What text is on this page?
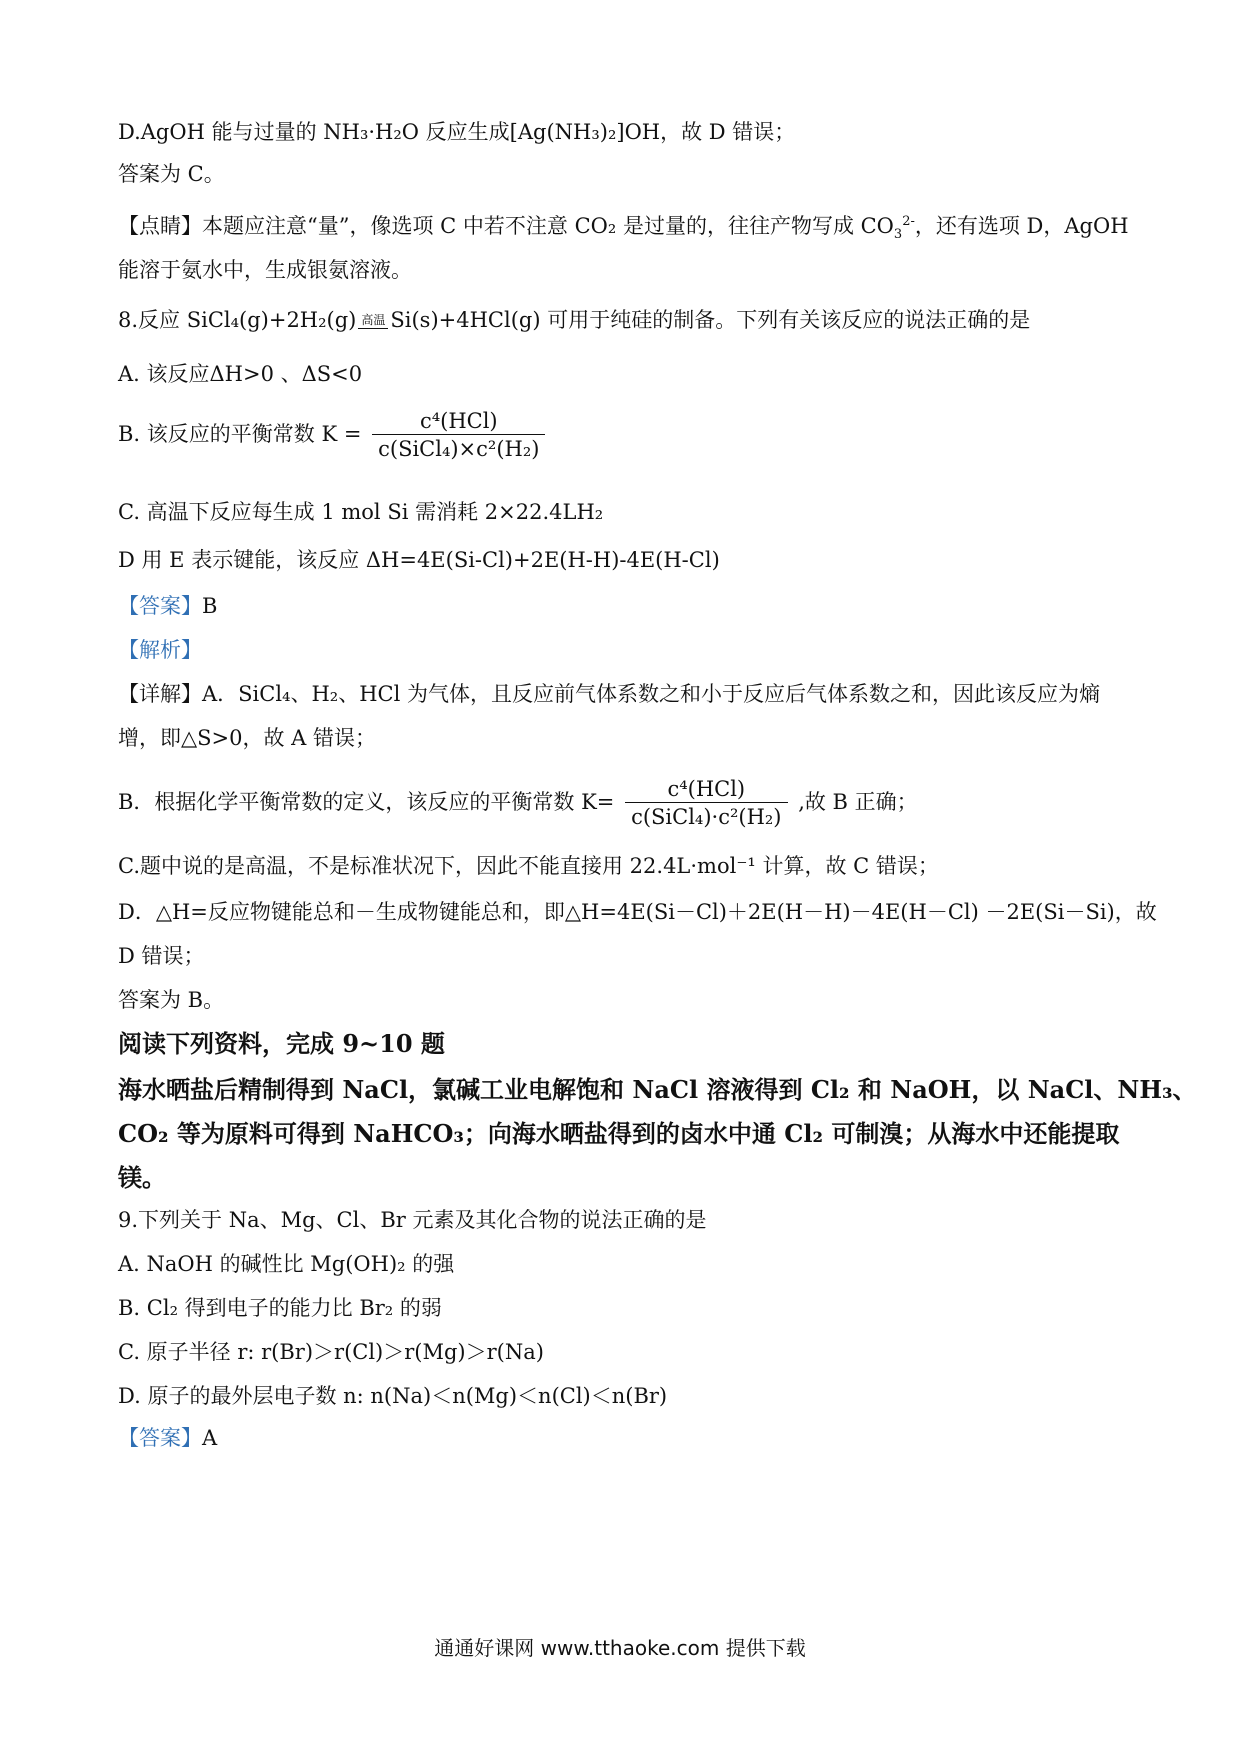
D.AgOH 能与过量的 NH₃·H₂O 反应生成[Ag(NH₃)₂]OH，故 D 错误；
答案为 C。
【点睛】本题应注意“量”，像选项 C 中若不注意 CO₂ 是过量的，往往产物写成 $CO_3^{2-}$，还有选项 D，AgOH
能溶于氨水中，生成银氨溶液。
8.反应 SiCl₄(g)+2H₂(g) 高温 Si(s)+4HCl(g) 可用于纯硅的制备。下列有关该反应的说法正确的是
A. 该反应ΔH>0 、ΔS<0
B. 该反应的平衡常数 $K = \frac{\text{c⁴(HCl)}}{\text{c(SiCl₄)×c²(H₂)}}$
C. 高温下反应每生成 1 mol Si 需消耗 2×22.4LH₂
D 用 E 表示键能，该反应 ΔH=4E(Si-Cl)+2E(H-H)-4E(H-Cl)
【答案】B
【解析】
【详解】A．SiCl₄、H₂、HCl 为气体，且反应前气体系数之和小于反应后气体系数之和，因此该反应为熵
增，即△S>0，故 A 错误；
B．根据化学平衡常数的定义，该反应的平衡常数 $K= \frac{\text{c⁴(HCl)}}{\text{c(SiCl₄)·c²(H₂)}}$ ,故 B 正确；
C.题中说的是高温，不是标准状况下，因此不能直接用 22.4L·mol⁻¹ 计算，故 C 错误；
D．△H=反应物键能总和－生成物键能总和，即△H=4E(Si－Cl)＋2E(H－H)－4E(H－Cl) －2E(Si－Si)，故
D 错误；
答案为 B。
阅读下列资料，完成 9~10 题
海水晒盐后精制得到 NaCl，氯碱工业电解饱和 NaCl 溶液得到 Cl₂ 和 NaOH，以 NaCl、NH₃、
CO₂ 等为原料可得到 NaHCO₃；向海水晒盐得到的卤水中通 Cl₂ 可制溴；从海水中还能提取
镁。
9.下列关于 Na、Mg、Cl、Br 元素及其化合物的说法正确的是
A. NaOH 的碱性比 Mg(OH)₂ 的强
B. Cl₂ 得到电子的能力比 Br₂ 的弱
C. 原子半径 r: r(Br)＞r(Cl)＞r(Mg)＞r(Na)
D. 原子的最外层电子数 n: n(Na)＜n(Mg)＜n(Cl)＜n(Br)
【答案】A
通通好课网 www.tthaoke.com 提供下载
